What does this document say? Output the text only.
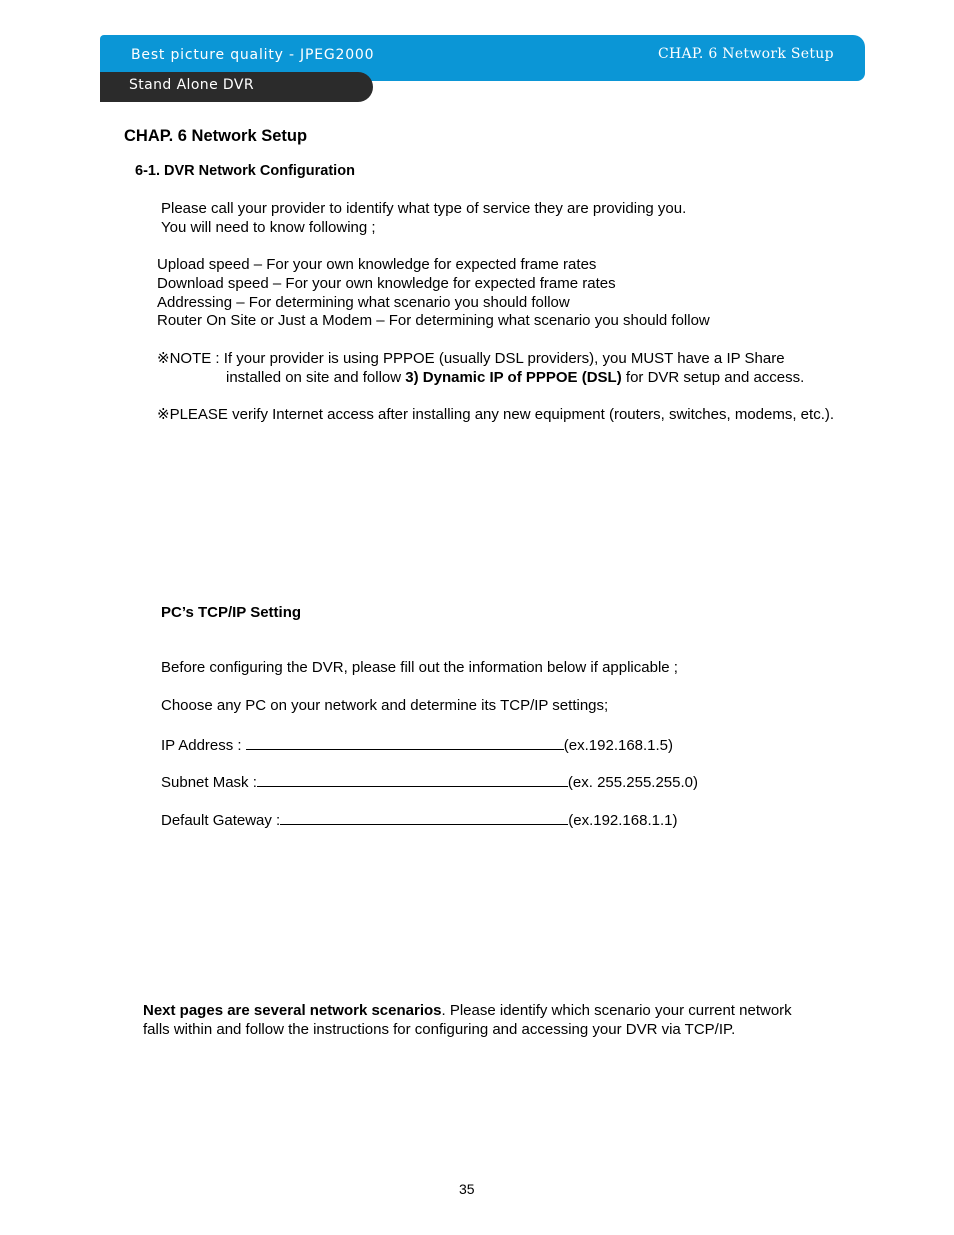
Best picture quality - JPEG2000	CHAP. 6 Network Setup
Stand Alone DVR
CHAP. 6 Network Setup
6-1. DVR Network Configuration
Please call your provider to identify what type of service they are providing you.
You will need to know following ;
Upload speed – For your own knowledge for expected frame rates
Download speed – For your own knowledge for expected frame rates
Addressing – For determining what scenario you should follow
Router On Site or Just a Modem – For determining what scenario you should follow
※NOTE : If your provider is using PPPOE (usually DSL providers), you MUST have a IP Share
installed on site and follow 3) Dynamic IP of PPPOE (DSL) for DVR setup and access.
※PLEASE verify Internet access after installing any new equipment (routers, switches, modems, etc.).
PC’s TCP/IP Setting
Before configuring the DVR, please fill out the information below if applicable ;
Choose any PC on your network and determine its TCP/IP settings;
IP Address :	(ex.192.168.1.5)
Subnet Mask :	(ex. 255.255.255.0)
Default Gateway :	(ex.192.168.1.1)
Next pages are several network scenarios. Please identify which scenario your current network
falls within and follow the instructions for configuring and accessing your DVR via TCP/IP.
35
